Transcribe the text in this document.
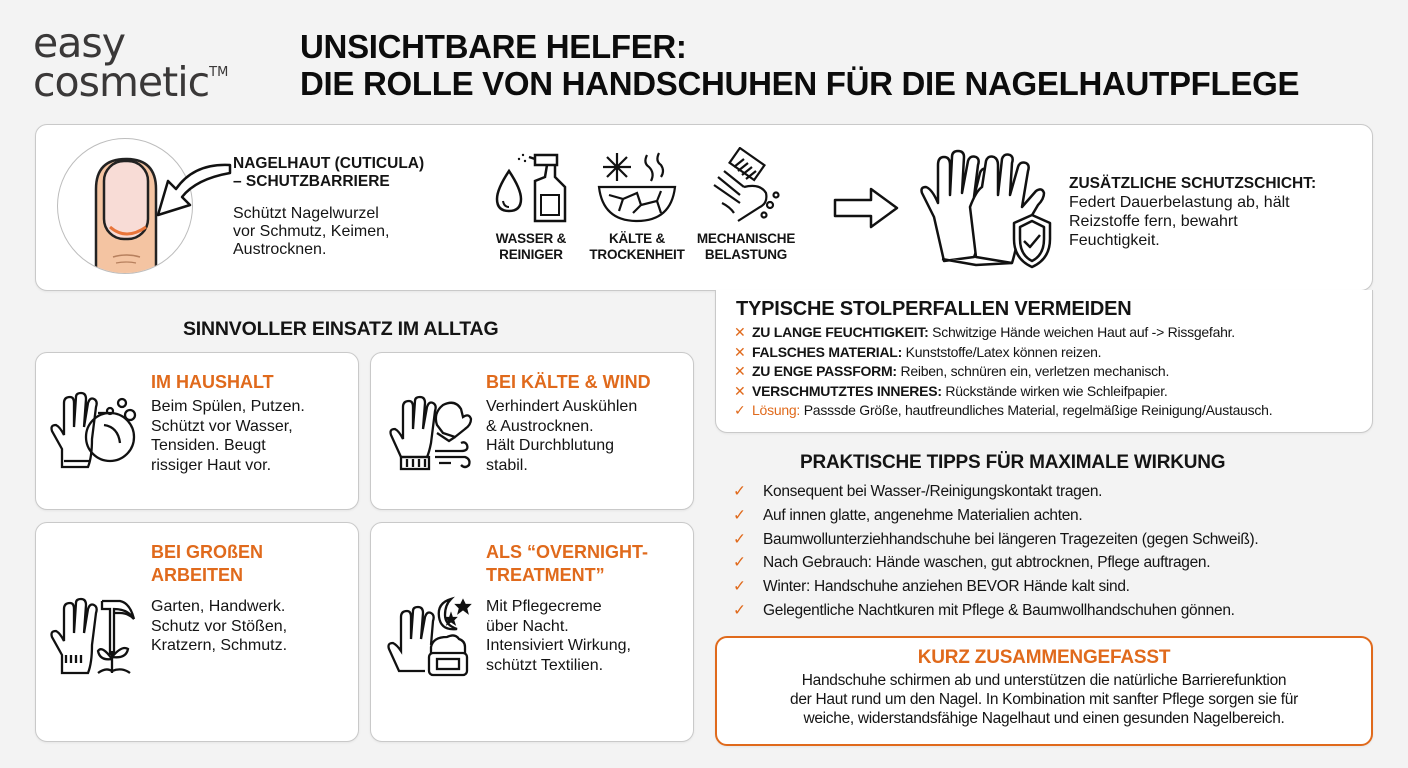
easy
cosmetic™
UNSICHTBARE HELFER:
DIE ROLLE VON HANDSCHUHEN FÜR DIE NAGELHAUTPFLEGE
NAGELHAUT (CUTICULA)
– SCHUTZBARRIERE
Schützt Nagelwurzel
vor Schmutz, Keimen,
Austrocknen.
WASSER &
REINIGER
KÄLTE &
TROCKENHEIT
MECHANISCHE
BELASTUNG
ZUSÄTZLICHE SCHUTZSCHICHT:
Federt Dauerbelastung ab, hält
Reizstoffe fern, bewahrt
Feuchtigkeit.
TYPISCHE STOLPERFALLEN VERMEIDEN
✕ ZU LANGE FEUCHTIGKEIT: Schwitzige Hände weichen Haut auf -> Rissgefahr.
✕ FALSCHES MATERIAL: Kunststoffe/Latex können reizen.
✕ ZU ENGE PASSFORM: Reiben, schnüren ein, verletzen mechanisch.
✕ VERSCHMUTZTES INNERES: Rückstände wirken wie Schleifpapier.
✓ Lösung: Passsde Größe, hautfreundliches Material, regelmäßige Reinigung/Austausch.
SINNVOLLER EINSATZ IM ALLTAG
IM HAUSHALT
Beim Spülen, Putzen.
Schützt vor Wasser,
Tensiden. Beugt
rissiger Haut vor.
BEI KÄLTE & WIND
Verhindert Auskühlen
& Austrocknen.
Hält Durchblutung
stabil.
BEI GROßEN
ARBEITEN
Garten, Handwerk.
Schutz vor Stößen,
Kratzern, Schmutz.
ALS “OVERNIGHT-
TREATMENT”
Mit Pflegecreme
über Nacht.
Intensiviert Wirkung,
schützt Textilien.
PRAKTISCHE TIPPS FÜR MAXIMALE WIRKUNG
✓ Konsequent bei Wasser-/Reinigungskontakt tragen.
✓ Auf innen glatte, angenehme Materialien achten.
✓ Baumwollunterziehhandschuhe bei längeren Tragezeiten (gegen Schweiß).
✓ Nach Gebrauch: Hände waschen, gut abtrocknen, Pflege auftragen.
✓ Winter: Handschuhe anziehen BEVOR Hände kalt sind.
✓ Gelegentliche Nachtkuren mit Pflege & Baumwollhandschuhen gönnen.
KURZ ZUSAMMENGEFASST

Handschuhe schirmen ab und unterstützen die natürliche Barrierefunktion
der Haut rund um den Nagel. In Kombination mit sanfter Pflege sorgen sie für
weiche, widerstandsfähige Nagelhaut und einen gesunden Nagelbereich.
